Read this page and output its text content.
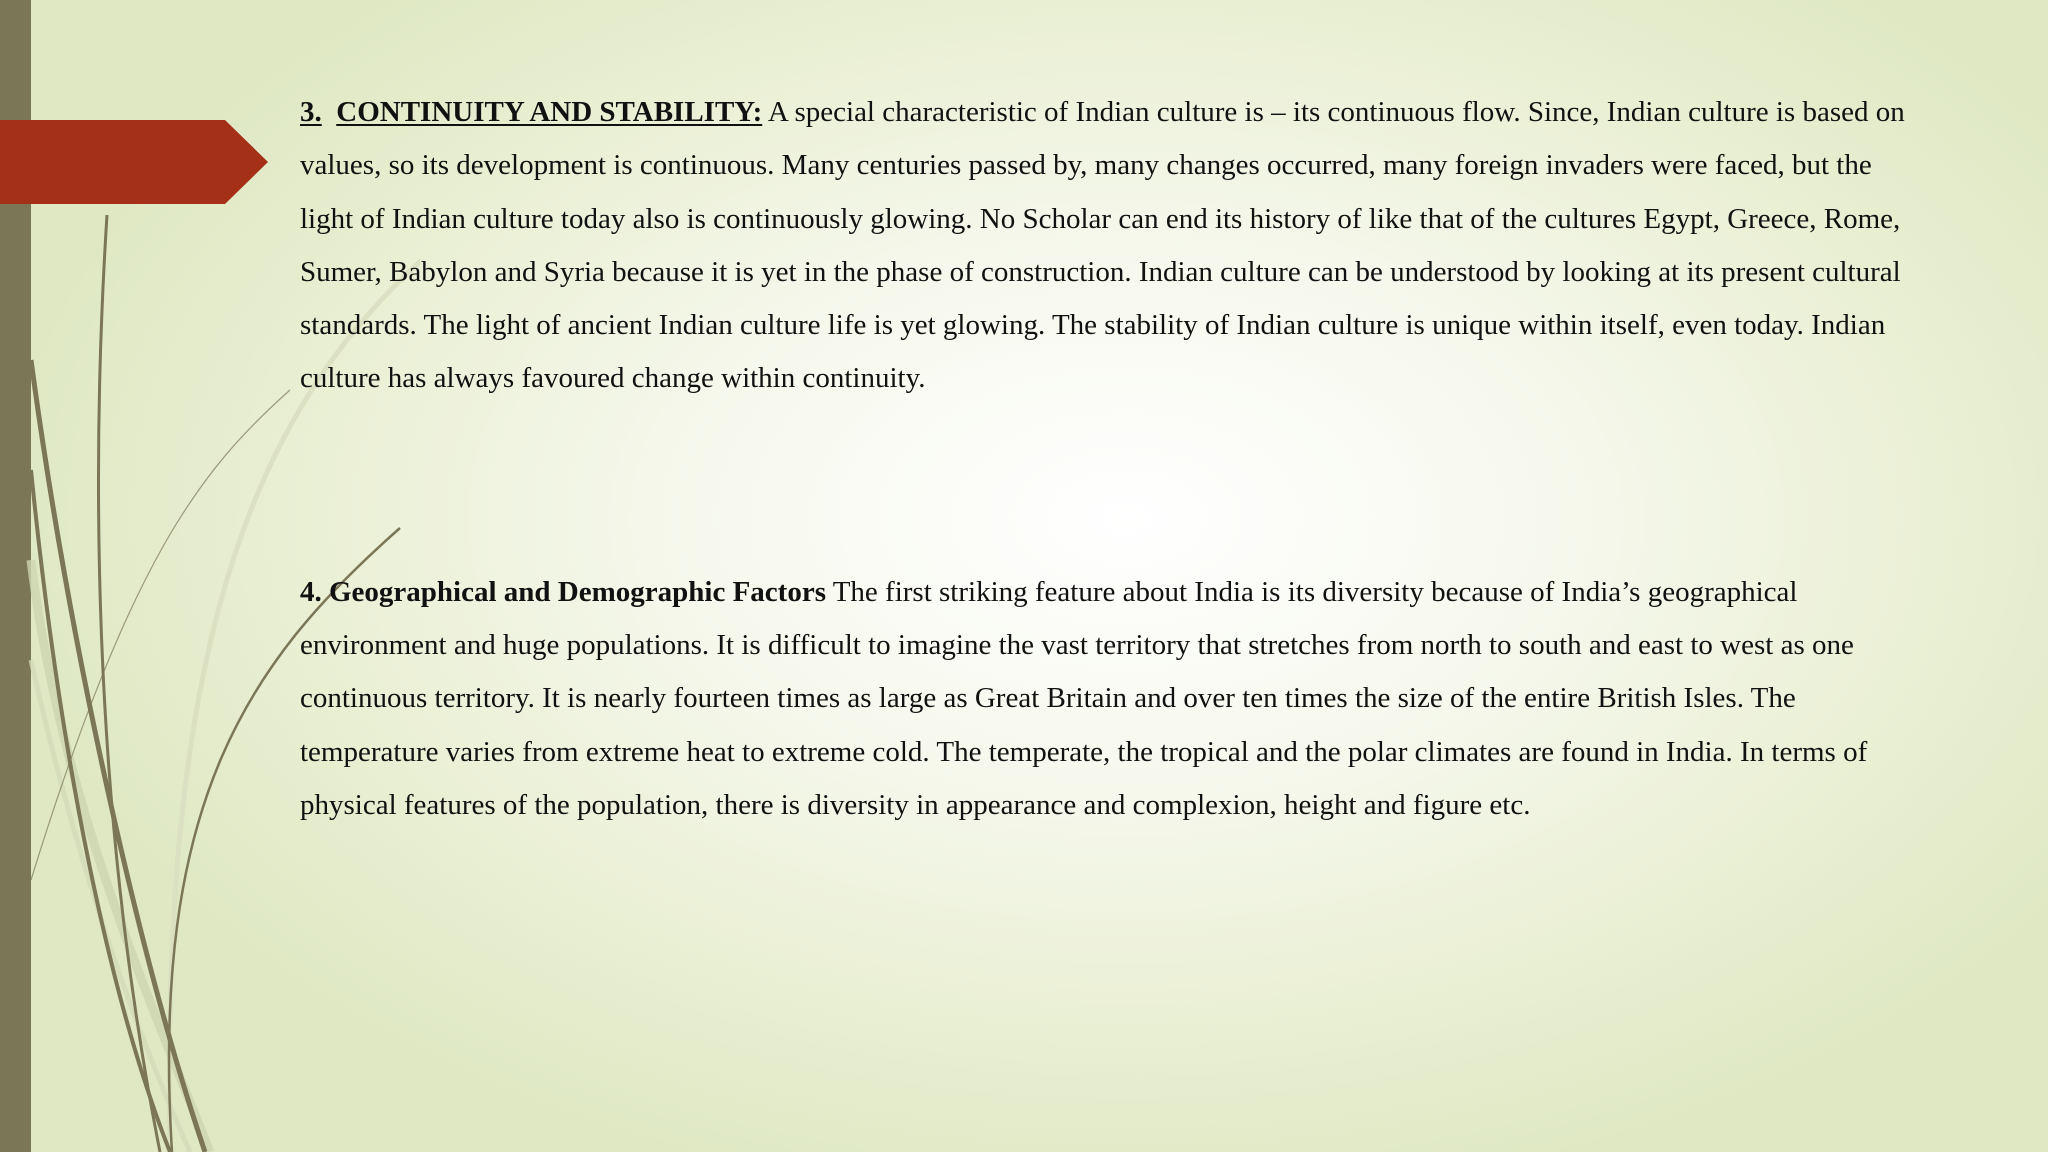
3. CONTINUITY AND STABILITY: A special characteristic of Indian culture is – its continuous flow. Since, Indian culture is based on values, so its development is continuous. Many centuries passed by, many changes occurred, many foreign invaders were faced, but the light of Indian culture today also is continuously glowing. No Scholar can end its history of like that of the cultures Egypt, Greece, Rome, Sumer, Babylon and Syria because it is yet in the phase of construction. Indian culture can be understood by looking at its present cultural standards. The light of ancient Indian culture life is yet glowing. The stability of Indian culture is unique within itself, even today. Indian culture has always favoured change within continuity.

4. Geographical and Demographic Factors The first striking feature about India is its diversity because of India’s geographical environment and huge populations. It is difficult to imagine the vast territory that stretches from north to south and east to west as one continuous territory. It is nearly fourteen times as large as Great Britain and over ten times the size of the entire British Isles. The temperature varies from extreme heat to extreme cold. The temperate, the tropical and the polar climates are found in India. In terms of physical features of the population, there is diversity in appearance and complexion, height and figure etc.
